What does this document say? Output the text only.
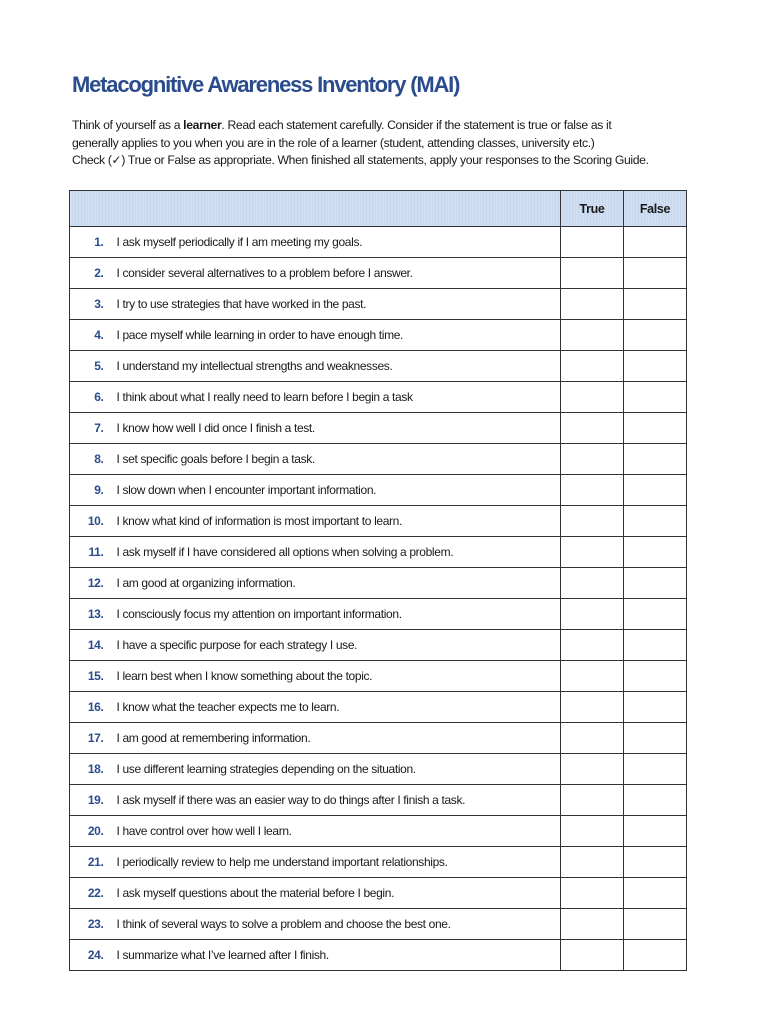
Metacognitive Awareness Inventory (MAI)
Think of yourself as a learner. Read each statement carefully. Consider if the statement is true or false as it
generally applies to you when you are in the role of a learner (student, attending classes, university etc.)
Check (✓) True or False as appropriate. When finished all statements, apply your responses to the Scoring Guide.
		True	False

1.	I ask myself periodically if I am meeting my goals.		

2.	I consider several alternatives to a problem before I answer.		

3.	I try to use strategies that have worked in the past.		

4.	I pace myself while learning in order to have enough time.		

5.	I understand my intellectual strengths and weaknesses.		

6.	I think about what I really need to learn before I begin a task		

7.	I know how well I did once I finish a test.		

8.	I set specific goals before I begin a task.		

9.	I slow down when I encounter important information.		

10.	I know what kind of information is most important to learn.		

11.	I ask myself if I have considered all options when solving a problem.		

12.	I am good at organizing information.		

13.	I consciously focus my attention on important information.		

14.	I have a specific purpose for each strategy I use.		

15.	I learn best when I know something about the topic.		

16.	I know what the teacher expects me to learn.		

17.	I am good at remembering information.		

18.	I use different learning strategies depending on the situation.		

19.	I ask myself if there was an easier way to do things after I finish a task.		

20.	I have control over how well I learn.		

21.	I periodically review to help me understand important relationships.		

22.	I ask myself questions about the material before I begin.		

23.	I think of several ways to solve a problem and choose the best one.		

24.	I summarize what I’ve learned after I finish.		
